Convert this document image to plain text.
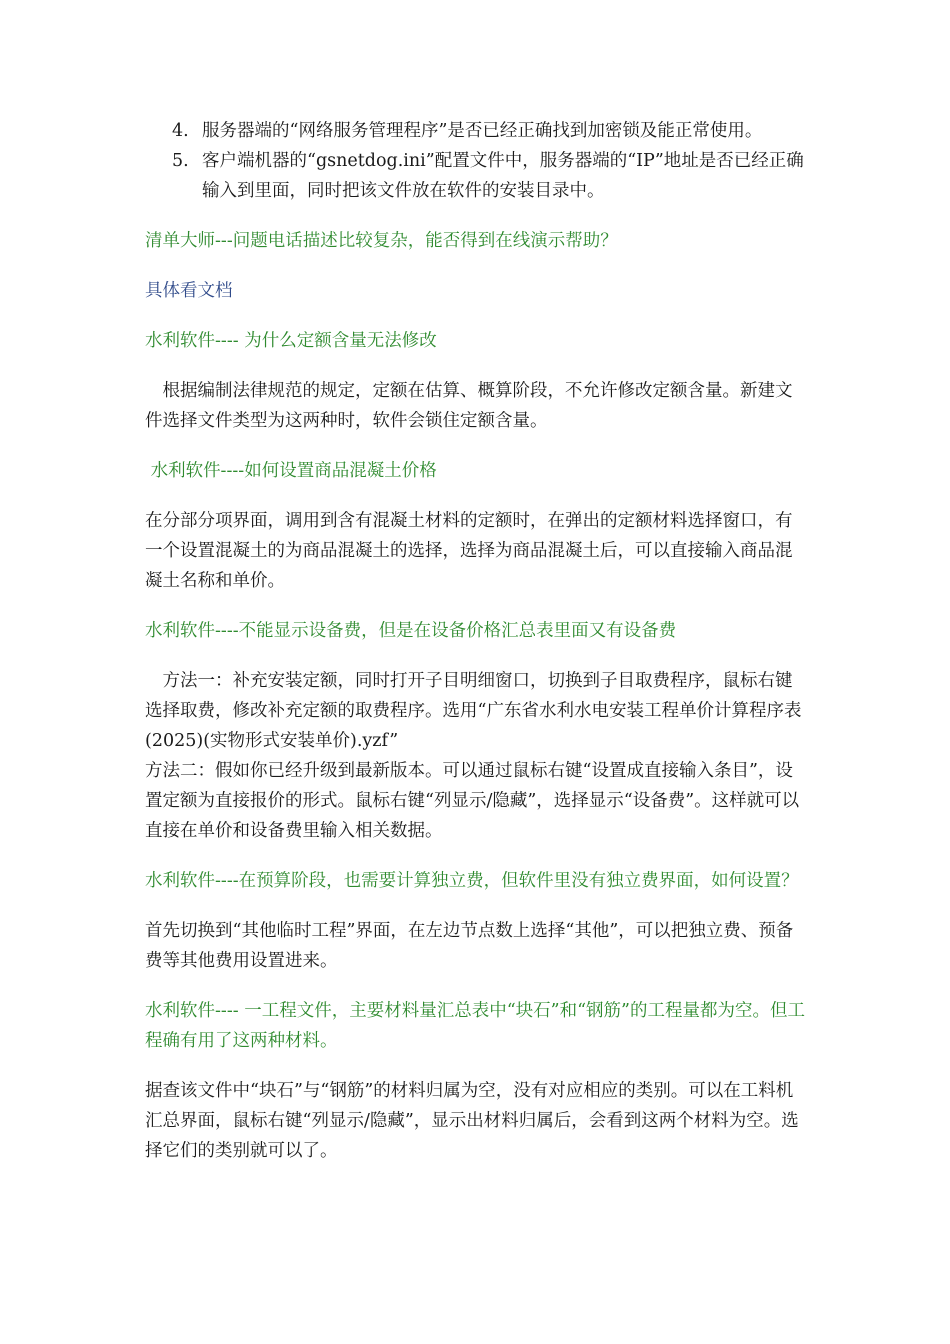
4. 服务器端的“网络服务管理程序”是否已经正确找到加密锁及能正常使用。
5. 客户端机器的“gsnetdog.ini”配置文件中，服务器端的“IP”地址是否已经正确输入到里面，同时把该文件放在软件的安装目录中。

清单大师---问题电话描述比较复杂，能否得到在线演示帮助？

具体看文档

水利软件---- 为什么定额含量无法修改

　根据编制法律规范的规定，定额在估算、概算阶段，不允许修改定额含量。新建文件选择文件类型为这两种时，软件会锁住定额含量。

水利软件----如何设置商品混凝土价格

在分部分项界面，调用到含有混凝土材料的定额时，在弹出的定额材料选择窗口，有一个设置混凝土的为商品混凝土的选择，选择为商品混凝土后，可以直接输入商品混凝土名称和单价。

水利软件----不能显示设备费，但是在设备价格汇总表里面又有设备费

　方法一：补充安装定额，同时打开子目明细窗口，切换到子目取费程序，鼠标右键选择取费，修改补充定额的取费程序。选用“广东省水利水电安装工程单价计算程序表(2025)(实物形式安装单价).yzf”

方法二：假如你已经升级到最新版本。可以通过鼠标右键“设置成直接输入条目”，设置定额为直接报价的形式。鼠标右键“列显示/隐藏”，选择显示“设备费”。这样就可以直接在单价和设备费里输入相关数据。

水利软件----在预算阶段，也需要计算独立费，但软件里没有独立费界面，如何设置？

首先切换到“其他临时工程”界面，在左边节点数上选择“其他”，可以把独立费、预备费等其他费用设置进来。

水利软件---- 一工程文件，主要材料量汇总表中“块石”和“钢筋”的工程量都为空。但工程确有用了这两种材料。

据查该文件中“块石”与“钢筋”的材料归属为空，没有对应相应的类别。可以在工料机汇总界面，鼠标右键“列显示/隐藏”，显示出材料归属后，会看到这两个材料为空。选择它们的类别就可以了。
